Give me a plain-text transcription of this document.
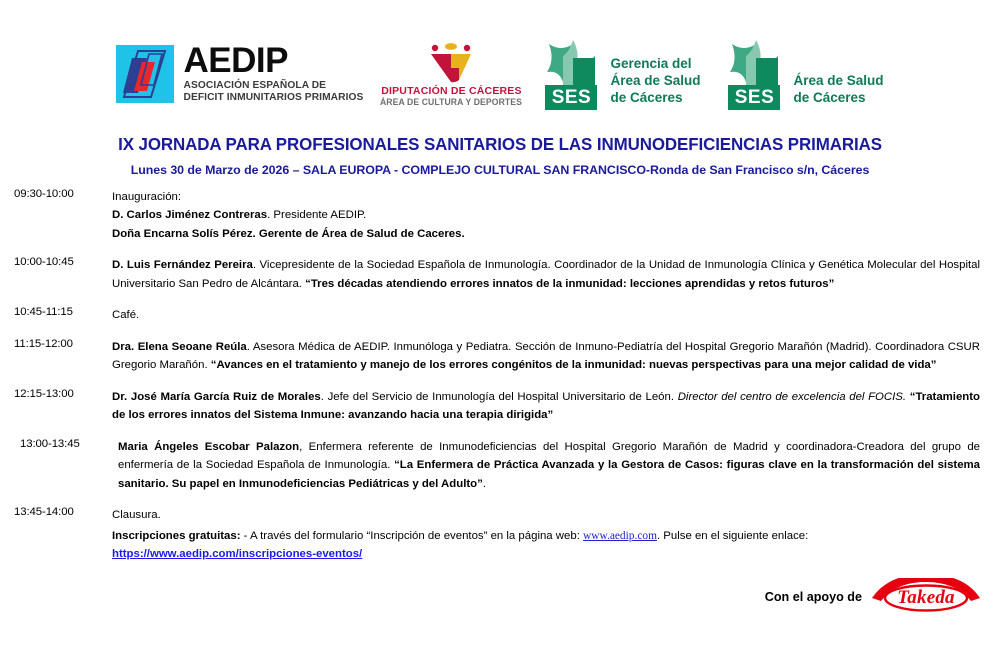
AEDIP
ASOCIACIÓN ESPAÑOLA DE
DEFICIT INMUNITARIOS PRIMARIOS
DIPUTACIÓN DE CÁCERES
ÁREA DE CULTURA Y DEPORTES	SES
Gerencia del
Área de Salud
de Cáceres	SES
Área de Salud
de Cáceres
IX JORNADA PARA PROFESIONALES SANITARIOS DE LAS INMUNODEFICIENCIAS PRIMARIAS
Lunes 30 de Marzo de 2026 – SALA EUROPA - COMPLEJO CULTURAL SAN FRANCISCO-Ronda de San Francisco s/n, Cáceres
09:30-10:00	Inauguración:
D. Carlos Jiménez Contreras. Presidente AEDIP.
Doña Encarna Solís Pérez. Gerente de Área de Salud de Caceres.
10:00-10:45	D. Luis Fernández Pereira. Vicepresidente de la Sociedad Española de Inmunología. Coordinador de la Unidad de Inmunología Clínica y Genética Molecular del Hospital Universitario San Pedro de Alcántara. “Tres décadas atendiendo errores innatos de la inmunidad: lecciones aprendidas y retos futuros”
10:45-11:15	Café.
11:15-12:00	Dra. Elena Seoane Reúla. Asesora Médica de AEDIP. Inmunóloga y Pediatra. Sección de Inmuno-Pediatría del Hospital Gregorio Marañón (Madrid). Coordinadora CSUR Gregorio Marañón. “Avances en el tratamiento y manejo de los errores congénitos de la inmunidad: nuevas perspectivas para una mejor calidad de vida”
12:15-13:00	Dr. José María García Ruiz de Morales. Jefe del Servicio de Inmunología del Hospital Universitario de León. Director del centro de excelencia del FOCIS. “Tratamiento de los errores innatos del Sistema Inmune: avanzando hacia una terapia dirigida”
13:00-13:45	Maria Ángeles Escobar Palazon, Enfermera referente de Inmunodeficiencias del Hospital Gregorio Marañón de Madrid y coordinadora-Creadora del grupo de enfermería de la Sociedad Española de Inmunología. “La Enfermera de Práctica Avanzada y la Gestora de Casos: figuras clave en la transformación del sistema sanitario. Su papel en Inmunodeficiencias Pediátricas y del Adulto”.
13:45-14:00	Clausura.
Inscripciones gratuitas: - A través del formulario “Inscripción de eventos” en la página web: www.aedip.com. Pulse en el siguiente enlace: https://www.aedip.com/inscripciones-eventos/
Con el apoyo de	Takeda
